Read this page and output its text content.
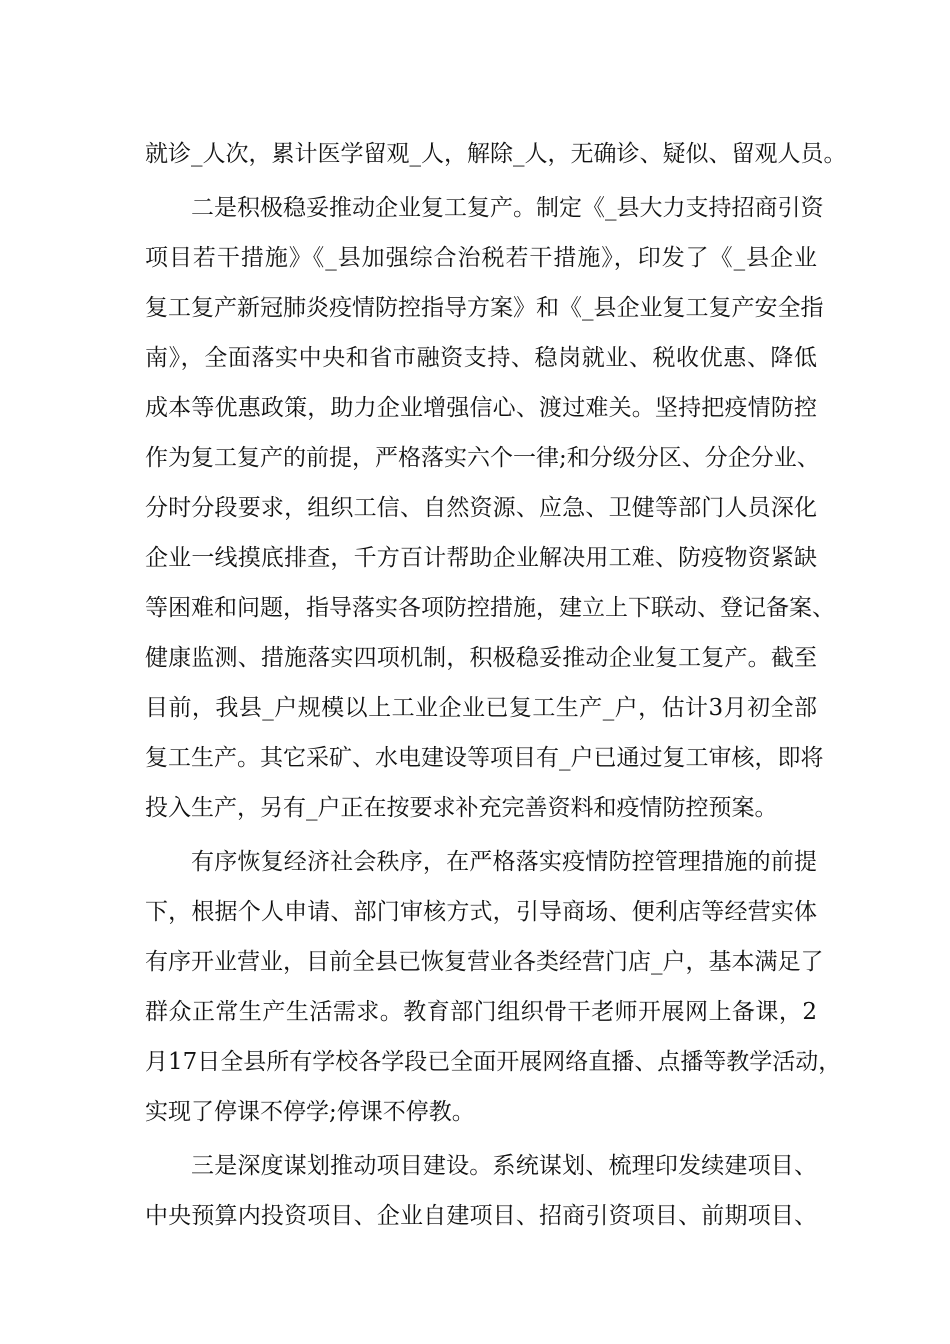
就诊_人次，累计医学留观_人，解除_人，无确诊、疑似、留观人员。
二是积极稳妥推动企业复工复产。制定《_县大力支持招商引资
项目若干措施》《_县加强综合治税若干措施》，印发了《_县企业
复工复产新冠肺炎疫情防控指导方案》和《_县企业复工复产安全指
南》，全面落实中央和省市融资支持、稳岗就业、税收优惠、降低
成本等优惠政策，助力企业增强信心、渡过难关。坚持把疫情防控
作为复工复产的前提，严格落实六个一律;和分级分区、分企分业、
分时分段要求，组织工信、自然资源、应急、卫健等部门人员深化
企业一线摸底排查，千方百计帮助企业解决用工难、防疫物资紧缺
等困难和问题，指导落实各项防控措施，建立上下联动、登记备案、
健康监测、措施落实四项机制，积极稳妥推动企业复工复产。截至
目前，我县_户规模以上工业企业已复工生产_户，估计3月初全部
复工生产。其它采矿、水电建设等项目有_户已通过复工审核，即将
投入生产，另有_户正在按要求补充完善资料和疫情防控预案。
有序恢复经济社会秩序，在严格落实疫情防控管理措施的前提
下，根据个人申请、部门审核方式，引导商场、便利店等经营实体
有序开业营业，目前全县已恢复营业各类经营门店_户，基本满足了
群众正常生产生活需求。教育部门组织骨干老师开展网上备课，2
月17日全县所有学校各学段已全面开展网络直播、点播等教学活动，
实现了停课不停学;停课不停教。
三是深度谋划推动项目建设。系统谋划、梳理印发续建项目、
中央预算内投资项目、企业自建项目、招商引资项目、前期项目、
